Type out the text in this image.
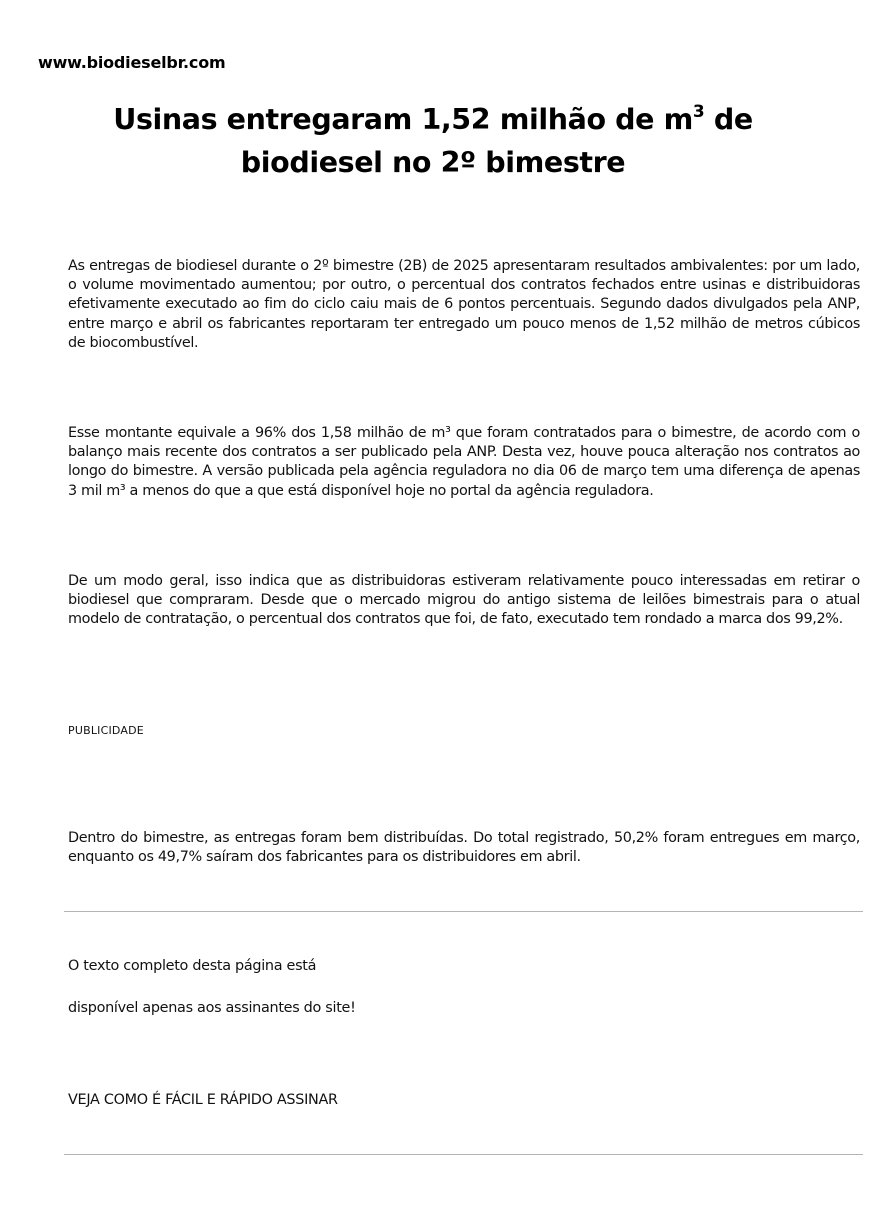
www.biodieselbr.com
Usinas entregaram 1,52 milhão de $m^3$ de biodiesel no 2º bimestre

As entregas de biodiesel durante o 2º bimestre (2B) de 2025 apresentaram resultados ambivalentes: por um lado, o volume movimentado aumentou; por outro, o percentual dos contratos fechados entre usinas e distribuidoras efetivamente executado ao fim do ciclo caiu mais de 6 pontos percentuais. Segundo dados divulgados pela ANP, entre março e abril os fabricantes reportaram ter entregado um pouco menos de 1,52 milhão de metros cúbicos de biocombustível.

Esse montante equivale a 96% dos 1,58 milhão de m³ que foram contratados para o bimestre, de acordo com o balanço mais recente dos contratos a ser publicado pela ANP. Desta vez, houve pouca alteração nos contratos ao longo do bimestre. A versão publicada pela agência reguladora no dia 06 de março tem uma diferença de apenas 3 mil m³ a menos do que a que está disponível hoje no portal da agência reguladora.

De um modo geral, isso indica que as distribuidoras estiveram relativamente pouco interessadas em retirar o biodiesel que compraram. Desde que o mercado migrou do antigo sistema de leilões bimestrais para o atual modelo de contratação, o percentual dos contratos que foi, de fato, executado tem rondado a marca dos 99,2%.

PUBLICIDADE

Dentro do bimestre, as entregas foram bem distribuídas. Do total registrado, 50,2% foram entregues em março, enquanto os 49,7% saíram dos fabricantes para os distribuidores em abril.

O texto completo desta página está
disponível apenas aos assinantes do site!
VEJA COMO É FÁCIL E RÁPIDO ASSINAR
